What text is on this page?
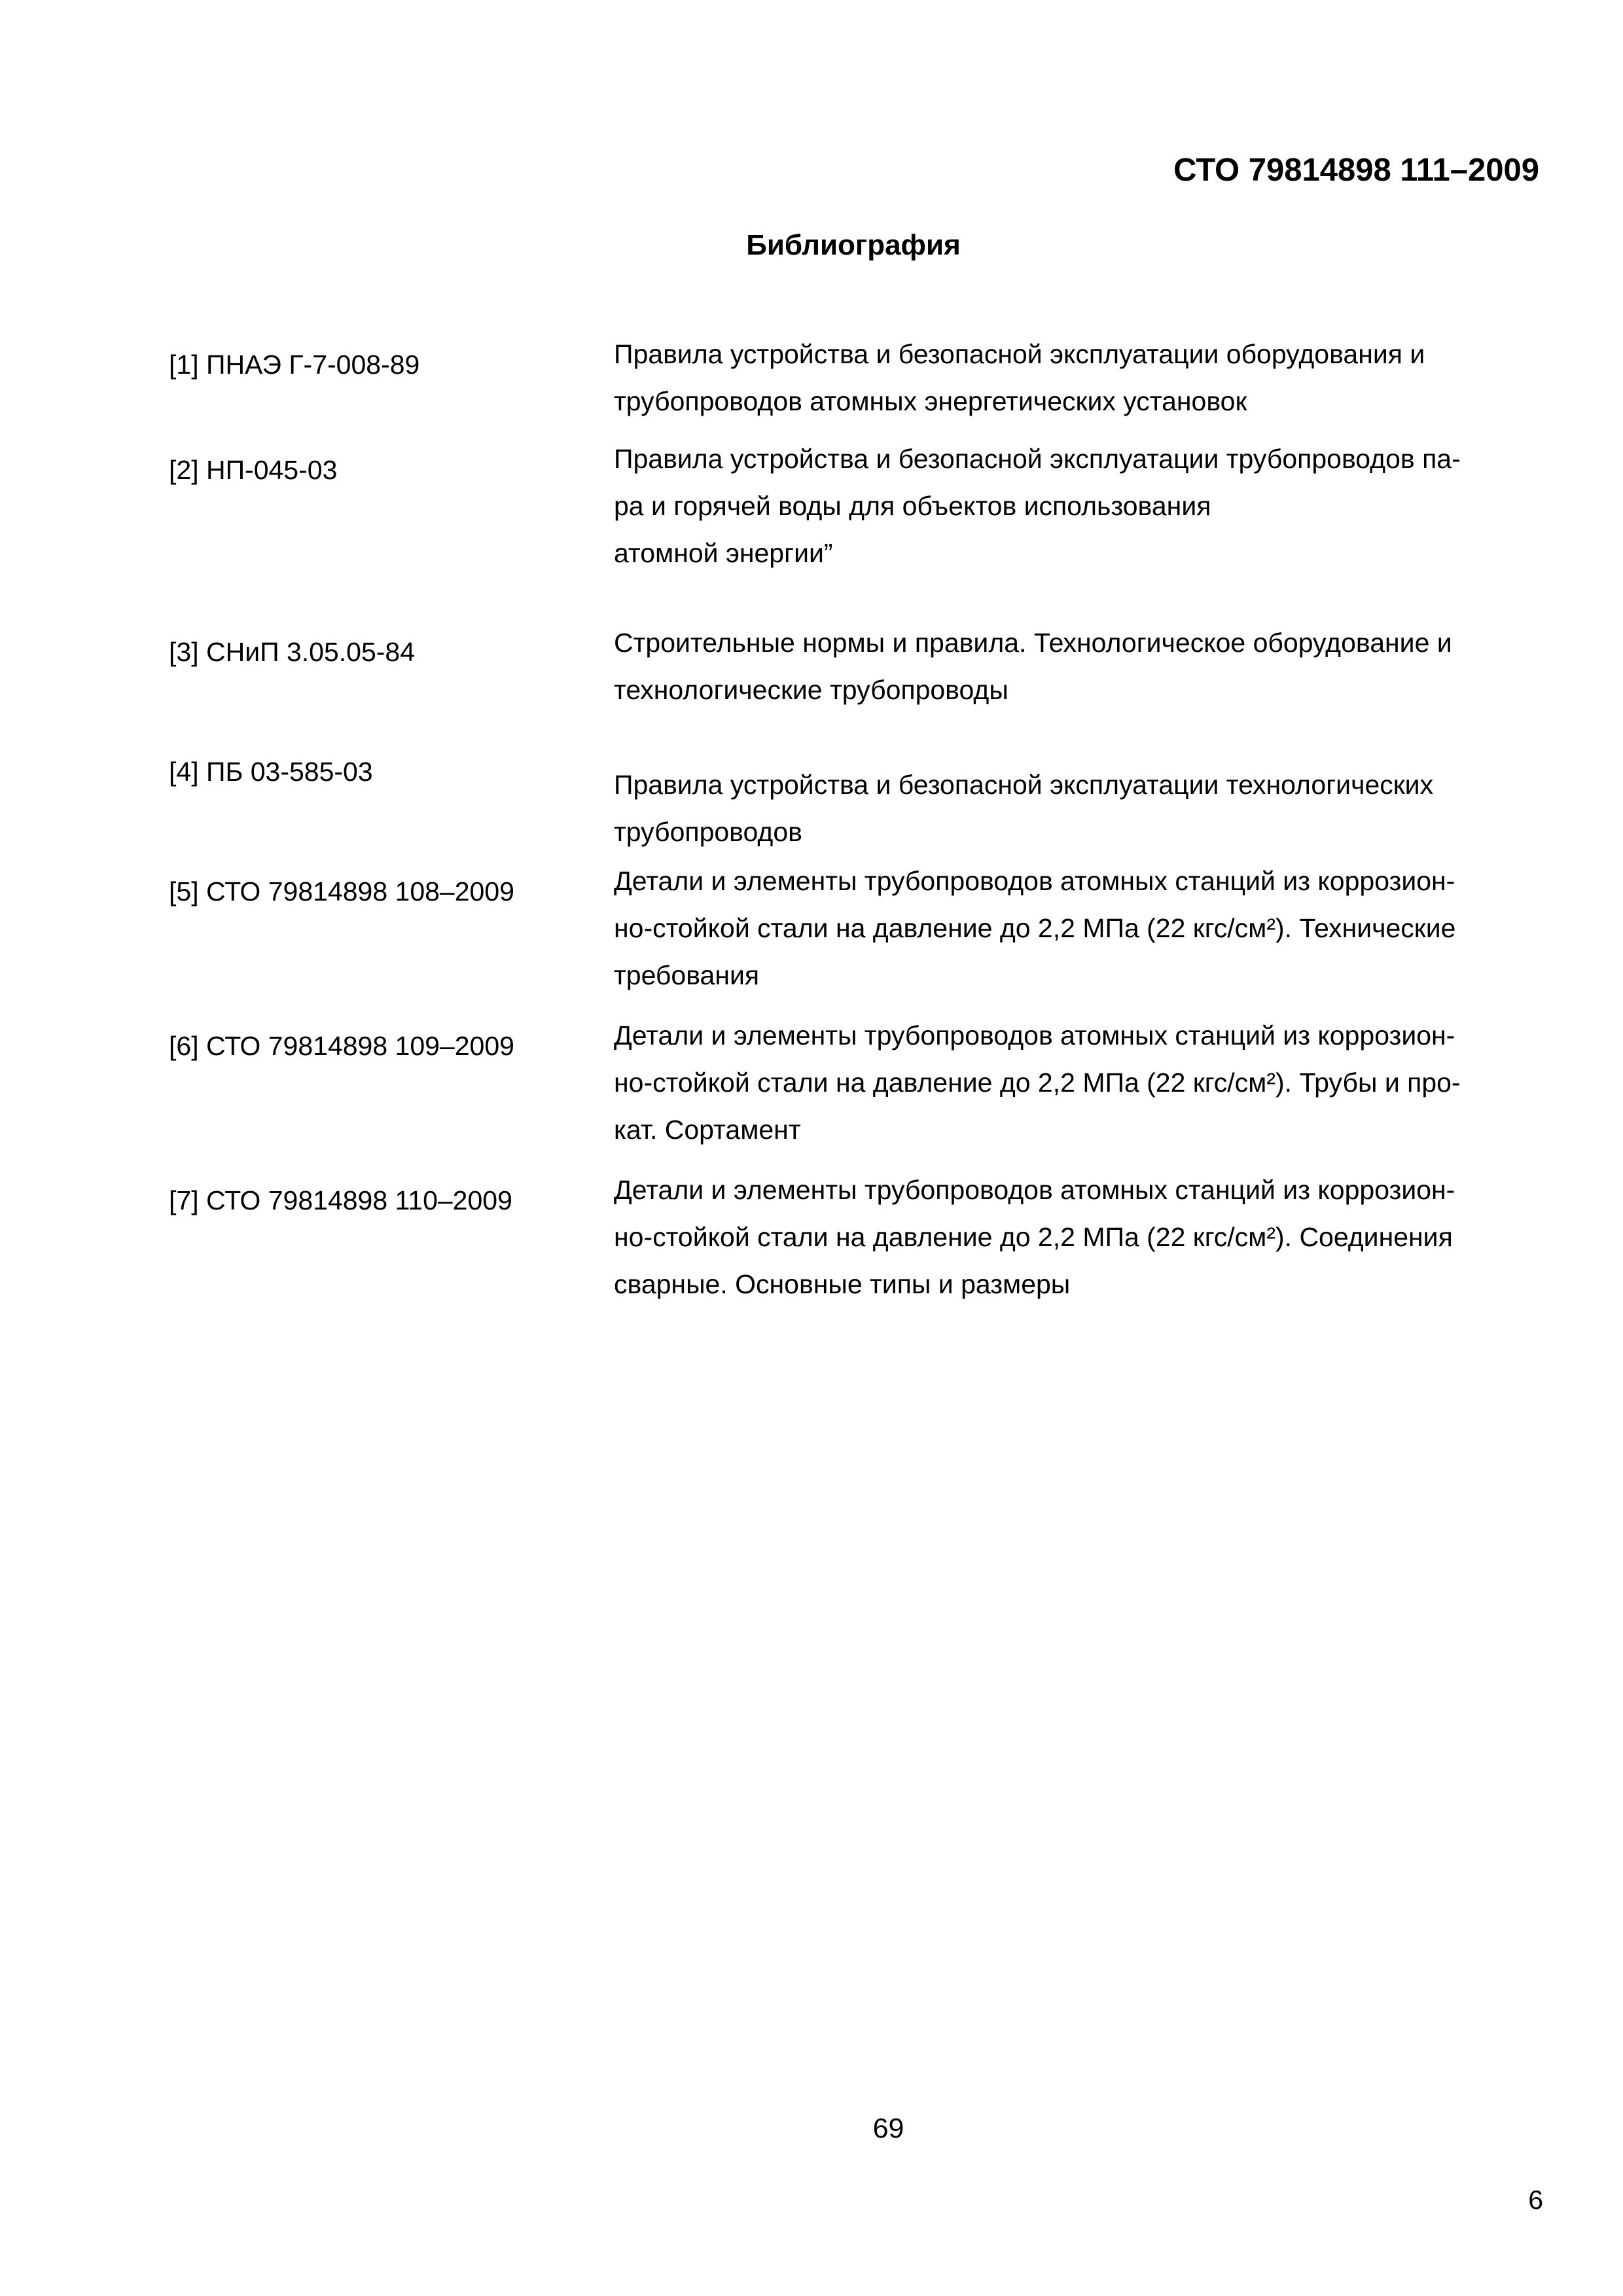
СТО 79814898 111–2009
Библиография
[1] ПНАЭ Г-7-008-89	Правила устройства и безопасной эксплуатации оборудования и
трубопроводов атомных энергетических установок
[2] НП-045-03	Правила устройства и безопасной эксплуатации трубопроводов па-
ра и горячей воды для объектов использования
атомной энергии”
[3] СНиП 3.05.05-84	Строительные нормы и правила. Технологическое оборудование и
технологические трубопроводы
[4] ПБ 03-585-03	Правила устройства и безопасной эксплуатации технологических
трубопроводов
[5] СТО 79814898 108–2009	Детали и элементы трубопроводов атомных станций из коррозион-
но-стойкой стали на давление до 2,2 МПа (22 кгс/см²). Технические
требования
[6] СТО 79814898 109–2009	Детали и элементы трубопроводов атомных станций из коррозион-
но-стойкой стали на давление до 2,2 МПа (22 кгс/см²). Трубы и про-
кат. Сортамент
[7] СТО 79814898 110–2009	Детали и элементы трубопроводов атомных станций из коррозион-
но-стойкой стали на давление до 2,2 МПа (22 кгс/см²). Соединения
сварные. Основные типы и размеры
69
6
